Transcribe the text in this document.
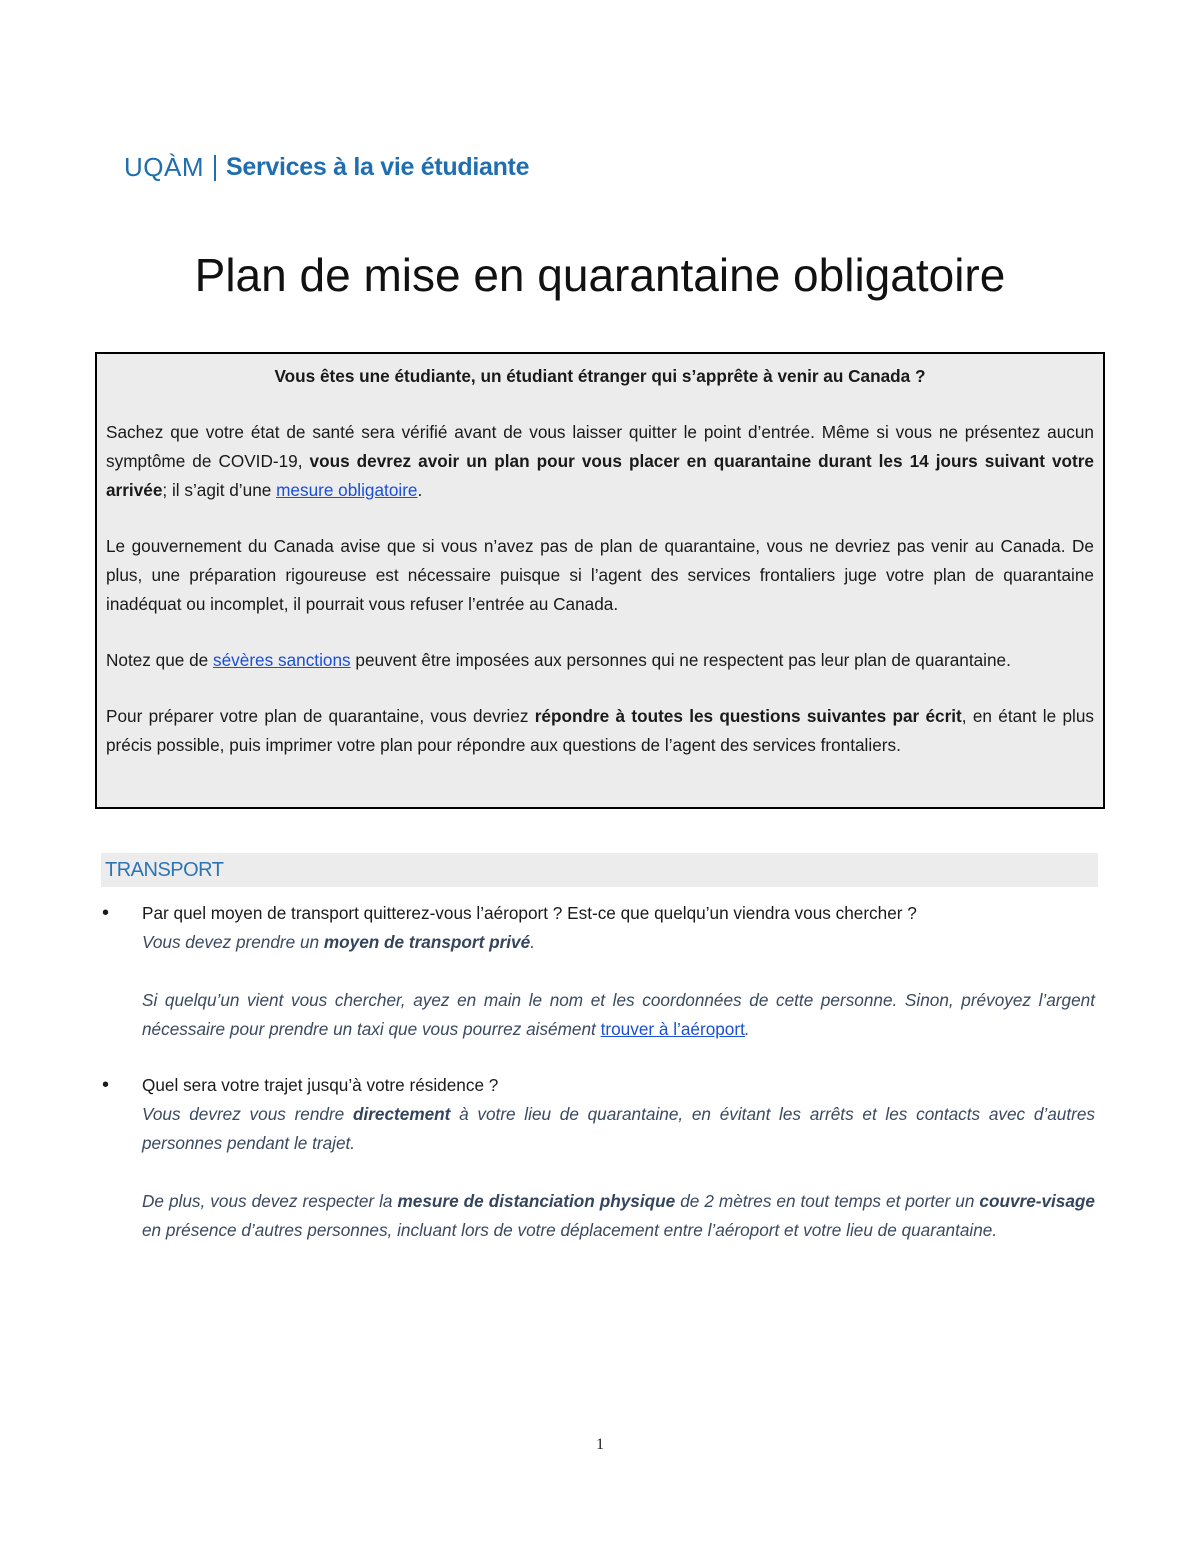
UQÀM Services à la vie étudiante
Plan de mise en quarantaine obligatoire

Vous êtes une étudiante, un étudiant étranger qui s’apprête à venir au Canada ?

Sachez que votre état de santé sera vérifié avant de vous laisser quitter le point d’entrée. Même si vous ne présentez aucun symptôme de COVID-19, vous devrez avoir un plan pour vous placer en quarantaine durant les 14 jours suivant votre arrivée; il s’agit d’une mesure obligatoire.

Le gouvernement du Canada avise que si vous n’avez pas de plan de quarantaine, vous ne devriez pas venir au Canada. De plus, une préparation rigoureuse est nécessaire puisque si l’agent des services frontaliers juge votre plan de quarantaine inadéquat ou incomplet, il pourrait vous refuser l’entrée au Canada.

Notez que de sévères sanctions peuvent être imposées aux personnes qui ne respectent pas leur plan de quarantaine.

Pour préparer votre plan de quarantaine, vous devriez répondre à toutes les questions suivantes par écrit, en étant le plus précis possible, puis imprimer votre plan pour répondre aux questions de l’agent des services frontaliers.

TRANSPORT
• Par quel moyen de transport quitterez-vous l’aéroport ? Est-ce que quelqu’un viendra vous chercher ?

Vous devez prendre un moyen de transport privé.

Si quelqu’un vient vous chercher, ayez en main le nom et les coordonnées de cette personne. Sinon, prévoyez l’argent nécessaire pour prendre un taxi que vous pourrez aisément trouver à l’aéroport.

• Quel sera votre trajet jusqu’à votre résidence ?

Vous devrez vous rendre directement à votre lieu de quarantaine, en évitant les arrêts et les contacts avec d’autres personnes pendant le trajet.

De plus, vous devez respecter la mesure de distanciation physique de 2 mètres en tout temps et porter un couvre-visage en présence d’autres personnes, incluant lors de votre déplacement entre l’aéroport et votre lieu de quarantaine.

1
